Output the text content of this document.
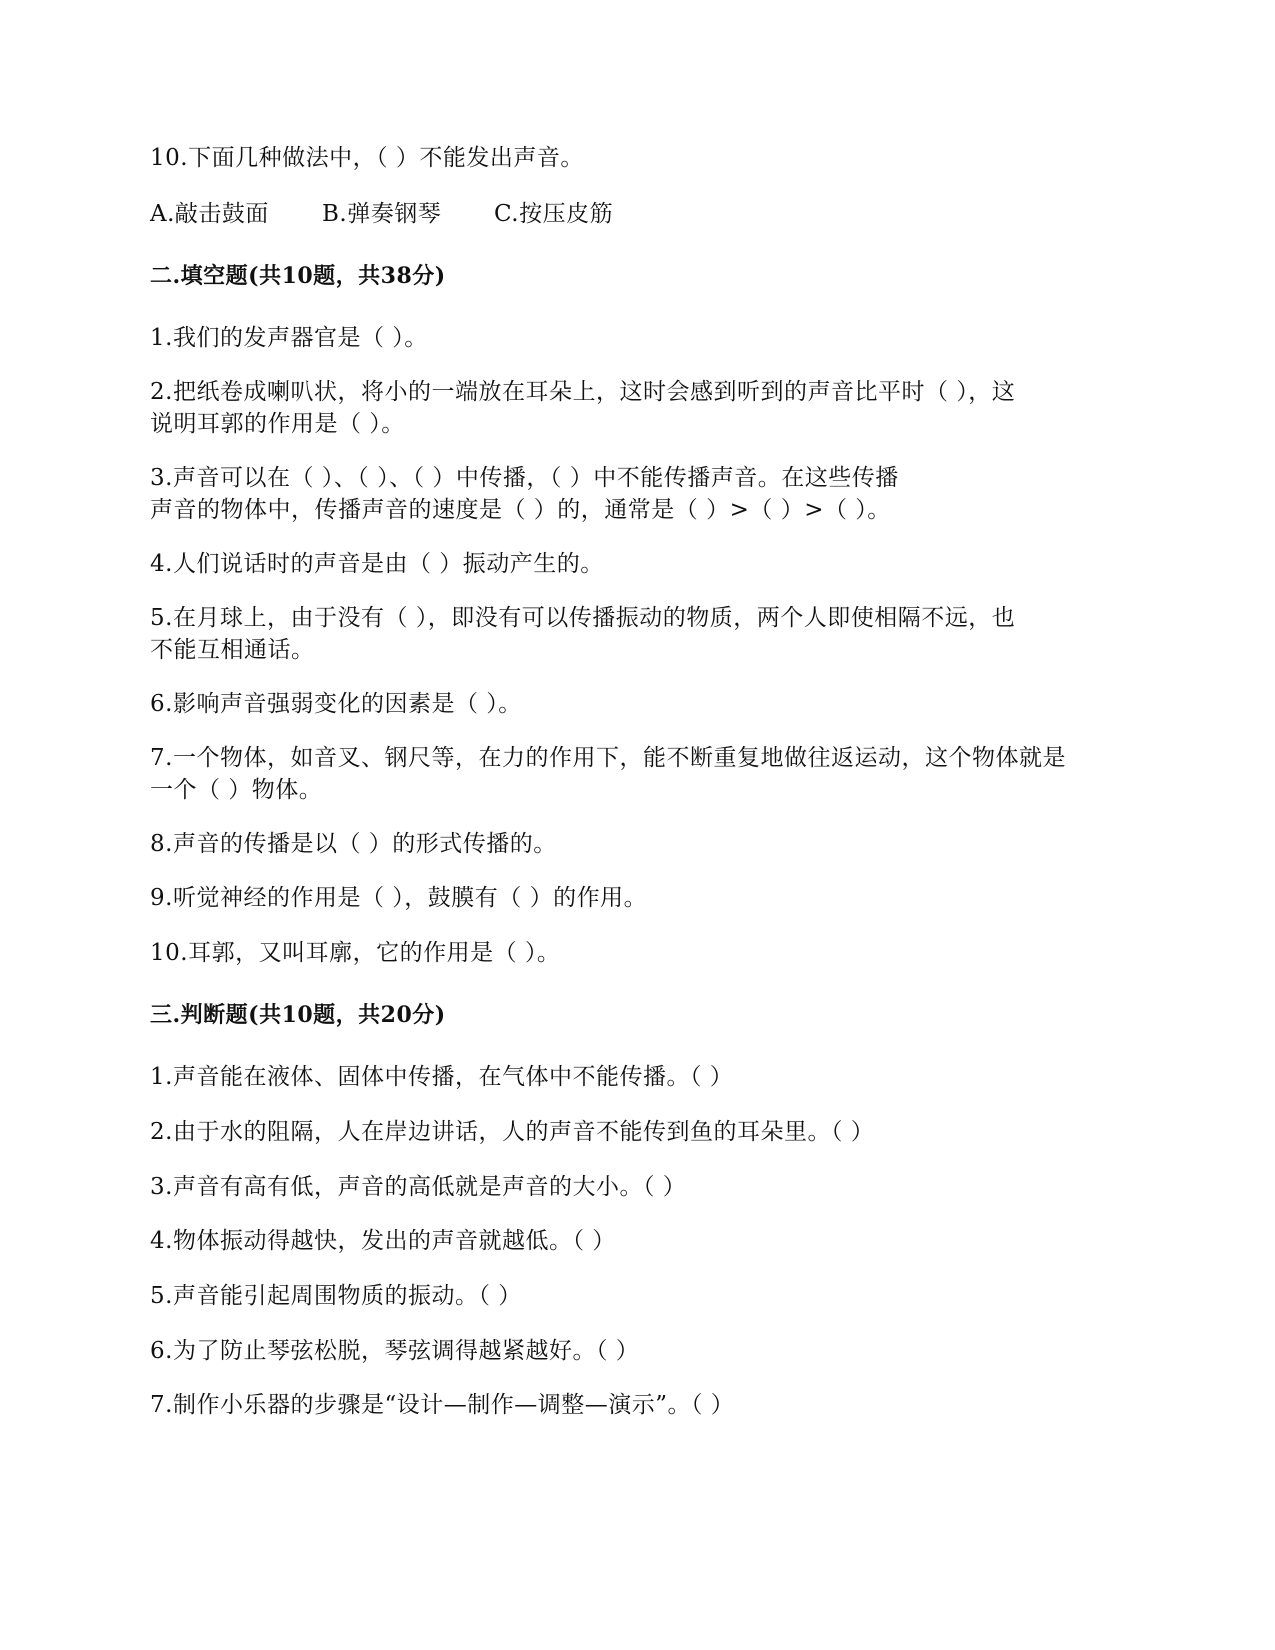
10.下面几种做法中，（ ）不能发出声音。
A.敲击鼓面 B.弹奏钢琴 C.按压皮筋
二.填空题(共10题，共38分)
1.我们的发声器官是（ ）。
2.把纸卷成喇叭状，将小的一端放在耳朵上，这时会感到听到的声音比平时（ ），这
说明耳郭的作用是（ ）。
3.声音可以在（ ）、（ ）、（ ）中传播，（ ）中不能传播声音。在这些传播
声音的物体中，传播声音的速度是（ ）的，通常是（ ）>（ ）>（ ）。
4.人们说话时的声音是由（ ）振动产生的。
5.在月球上，由于没有（ ），即没有可以传播振动的物质，两个人即使相隔不远，也
不能互相通话。
6.影响声音强弱变化的因素是（ ）。
7.一个物体，如音叉、钢尺等，在力的作用下，能不断重复地做往返运动，这个物体就是
一个（ ）物体。
8.声音的传播是以（ ）的形式传播的。
9.听觉神经的作用是（ ），鼓膜有（ ）的作用。
10.耳郭，又叫耳廓，它的作用是（ ）。
三.判断题(共10题，共20分)
1.声音能在液体、固体中传播，在气体中不能传播。（ ）
2.由于水的阻隔，人在岸边讲话，人的声音不能传到鱼的耳朵里。（ ）
3.声音有高有低，声音的高低就是声音的大小。（ ）
4.物体振动得越快，发出的声音就越低。（ ）
5.声音能引起周围物质的振动。（ ）
6.为了防止琴弦松脱，琴弦调得越紧越好。（ ）
7.制作小乐器的步骤是“设计—制作—调整—演示”。（ ）
